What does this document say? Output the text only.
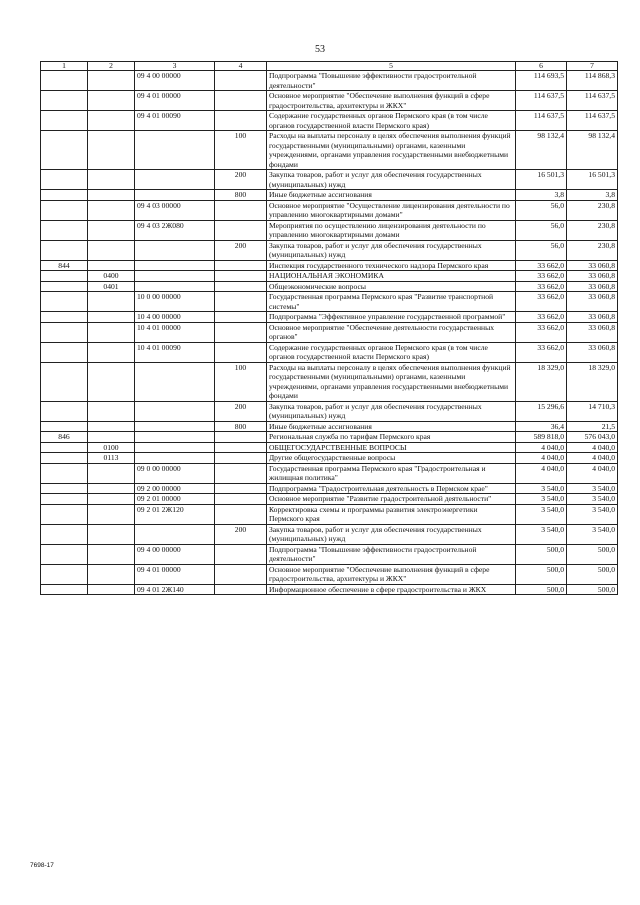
53
1	2	3	4	5	6	7
		09 4 00 00000		Подпрограмма "Повышение эффективности градостроительной деятельности"	114 693,5	114 868,3
		09 4 01 00000		Основное мероприятие "Обеспечение выполнения функций в сфере градостроительства, архитектуры и ЖКХ"	114 637,5	114 637,5
		09 4 01 00090		Содержание государственных органов Пермского края (в том числе органов государственной власти Пермского края)	114 637,5	114 637,5
			100	Расходы на выплаты персоналу в целях обеспечения выполнения функций государственными (муниципальными) органами, казенными учреждениями, органами управления государственными внебюджетными фондами	98 132,4	98 132,4
			200	Закупка товаров, работ и услуг для обеспечения государственных (муниципальных) нужд	16 501,3	16 501,3
			800	Иные бюджетные ассигнования	3,8	3,8
		09 4 03 00000		Основное мероприятие "Осуществление лицензирования деятельности по управлению многоквартирными домами"	56,0	230,8
		09 4 03 2Ж080		Мероприятия по осуществлению лицензирования деятельности по управлению многоквартирными домами	56,0	230,8
			200	Закупка товаров, работ и услуг для обеспечения государственных (муниципальных) нужд	56,0	230,8
844				Инспекция государственного технического надзора Пермского края	33 662,0	33 060,8
	0400			НАЦИОНАЛЬНАЯ ЭКОНОМИКА	33 662,0	33 060,8
	0401			Общеэкономические вопросы	33 662,0	33 060,8
		10 0 00 00000		Государственная программа Пермского края "Развитие транспортной системы"	33 662,0	33 060,8
		10 4 00 00000		Подпрограмма "Эффективное управление государственной программой"	33 662,0	33 060,8
		10 4 01 00000		Основное мероприятие "Обеспечение деятельности государственных органов"	33 662,0	33 060,8
		10 4 01 00090		Содержание государственных органов Пермского края (в том числе органов государственной власти Пермского края)	33 662,0	33 060,8
			100	Расходы на выплаты персоналу в целях обеспечения выполнения функций государственными (муниципальными) органами, казенными учреждениями, органами управления государственными внебюджетными фондами	18 329,0	18 329,0
			200	Закупка товаров, работ и услуг для обеспечения государственных (муниципальных) нужд	15 296,6	14 710,3
			800	Иные бюджетные ассигнования	36,4	21,5
846				Региональная служба по тарифам Пермского края	589 818,0	576 043,0
	0100			ОБЩЕГОСУДАРСТВЕННЫЕ ВОПРОСЫ	4 040,0	4 040,0
	0113			Другие общегосударственные вопросы	4 040,0	4 040,0
		09 0 00 00000		Государственная программа Пермского края "Градостроительная и жилищная политика"	4 040,0	4 040,0
		09 2 00 00000		Подпрограмма "Градостроительная деятельность в Пермском крае"	3 540,0	3 540,0
		09 2 01 00000		Основное мероприятие "Развитие градостроительной деятельности"	3 540,0	3 540,0
		09 2 01 2Ж120		Корректировка схемы и программы развития электроэнергетики Пермского края	3 540,0	3 540,0
			200	Закупка товаров, работ и услуг для обеспечения государственных (муниципальных) нужд	3 540,0	3 540,0
		09 4 00 00000		Подпрограмма "Повышение эффективности градостроительной деятельности"	500,0	500,0
		09 4 01 00000		Основное мероприятие "Обеспечение выполнения функций в сфере градостроительства, архитектуры и ЖКХ"	500,0	500,0
		09 4 01 2Ж140		Информационное обеспечение в сфере градостроительства и ЖКХ	500,0	500,0
7698-17
